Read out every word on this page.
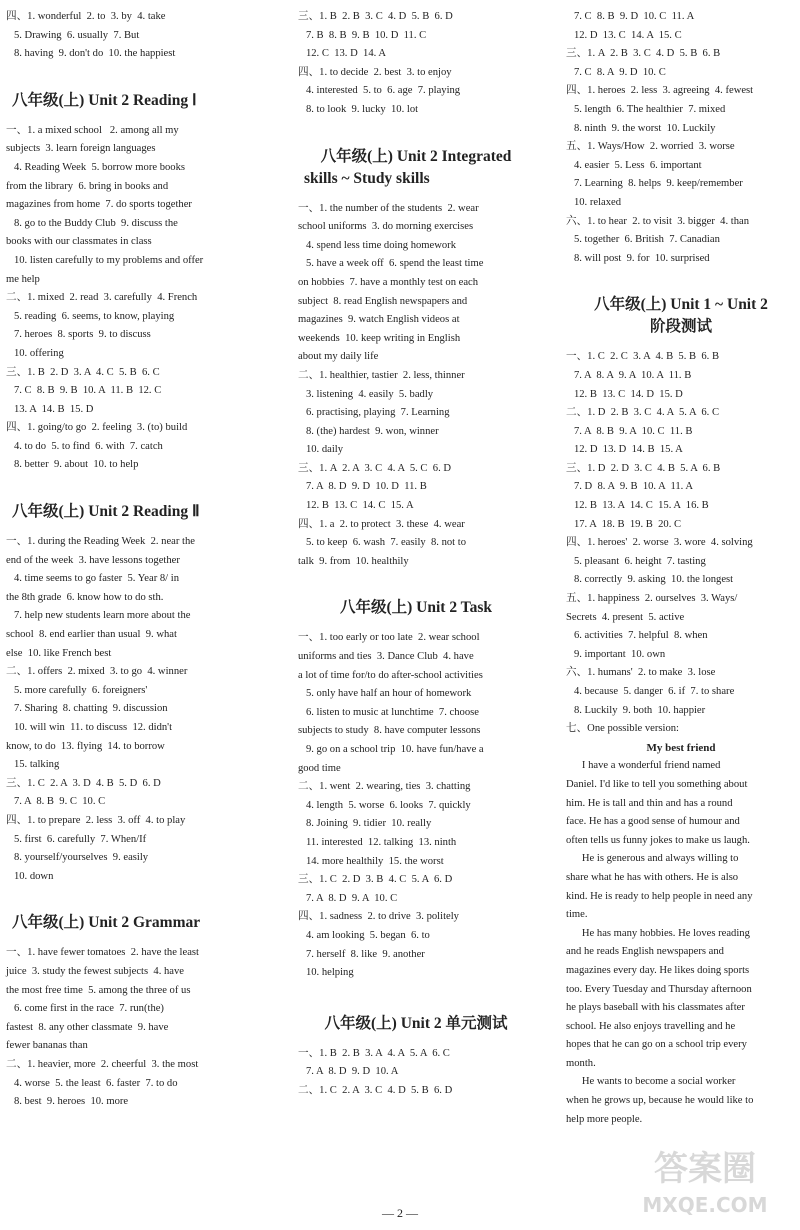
四、1. wonderful  2. to  3. by  4. take
5. Drawing  6. usually  7. But
8. having  9. don't do  10. the happiest
八年级(上) Unit 2 Reading Ⅰ
一、1. a mixed school   2. among all my
subjects  3. learn foreign languages
4. Reading Week  5. borrow more books
from the library  6. bring in books and
magazines from home  7. do sports together
8. go to the Buddy Club  9. discuss the
books with our classmates in class
10. listen carefully to my problems and offer
me help
二、1. mixed  2. read  3. carefully  4. French
5. reading  6. seems, to know, playing
7. heroes  8. sports  9. to discuss
10. offering
三、1. B  2. D  3. A  4. C  5. B  6. C
7. C  8. B  9. B  10. A  11. B  12. C
13. A  14. B  15. D
四、1. going/to go  2. feeling  3. (to) build
4. to do  5. to find  6. with  7. catch
8. better  9. about  10. to help
八年级(上) Unit 2 Reading Ⅱ
一、1. during the Reading Week  2. near the
end of the week  3. have lessons together
4. time seems to go faster  5. Year 8/ in
the 8th grade  6. know how to do sth.
7. help new students learn more about the
school  8. end earlier than usual  9. what
else  10. like French best
二、1. offers  2. mixed  3. to go  4. winner
5. more carefully  6. foreigners'
7. Sharing  8. chatting  9. discussion
10. will win  11. to discuss  12. didn't
know, to do  13. flying  14. to borrow
15. talking
三、1. C  2. A  3. D  4. B  5. D  6. D
7. A  8. B  9. C  10. C
四、1. to prepare  2. less  3. off  4. to play
5. first  6. carefully  7. When/If
8. yourself/yourselves  9. easily
10. down
八年级(上) Unit 2 Grammar
一、1. have fewer tomatoes  2. have the least
juice  3. study the fewest subjects  4. have
the most free time  5. among the three of us
6. come first in the race  7. run(the)
fastest  8. any other classmate  9. have
fewer bananas than
二、1. heavier, more  2. cheerful  3. the most
4. worse  5. the least  6. faster  7. to do
8. best  9. heroes  10. more
三、1. B  2. B  3. C  4. D  5. B  6. D
7. B  8. B  9. B  10. D  11. C
12. C  13. D  14. A
四、1. to decide  2. best  3. to enjoy
4. interested  5. to  6. age  7. playing
8. to look  9. lucky  10. lot
八年级(上) Unit 2 Integrated
skills ~ Study skills
一、1. the number of the students  2. wear
school uniforms  3. do morning exercises
4. spend less time doing homework
5. have a week off  6. spend the least time
on hobbies  7. have a monthly test on each
subject  8. read English newspapers and
magazines  9. watch English videos at
weekends  10. keep writing in English
about my daily life
二、1. healthier, tastier  2. less, thinner
3. listening  4. easily  5. badly
6. practising, playing  7. Learning
8. (the) hardest  9. won, winner
10. daily
三、1. A  2. A  3. C  4. A  5. C  6. D
7. A  8. D  9. D  10. D  11. B
12. B  13. C  14. C  15. A
四、1. a  2. to protect  3. these  4. wear
5. to keep  6. wash  7. easily  8. not to
talk  9. from  10. healthily
八年级(上) Unit 2 Task
一、1. too early or too late  2. wear school
uniforms and ties  3. Dance Club  4. have
a lot of time for/to do after-school activities
5. only have half an hour of homework
6. listen to music at lunchtime  7. choose
subjects to study  8. have computer lessons
9. go on a school trip  10. have fun/have a
good time
二、1. went  2. wearing, ties  3. chatting
4. length  5. worse  6. looks  7. quickly
8. Joining  9. tidier  10. really
11. interested  12. talking  13. ninth
14. more healthily  15. the worst
三、1. C  2. D  3. B  4. C  5. A  6. D
7. A  8. D  9. A  10. C
四、1. sadness  2. to drive  3. politely
4. am looking  5. began  6. to
7. herself  8. like  9. another
10. helping
八年级(上) Unit 2 单元测试
一、1. B  2. B  3. A  4. A  5. A  6. C
7. A  8. D  9. D  10. A
二、1. C  2. A  3. C  4. D  5. B  6. D
7. C  8. B  9. D  10. C  11. A
12. D  13. C  14. A  15. C
三、1. A  2. B  3. C  4. D  5. B  6. B
7. C  8. A  9. D  10. C
四、1. heroes  2. less  3. agreeing  4. fewest
5. length  6. The healthier  7. mixed
8. ninth  9. the worst  10. Luckily
五、1. Ways/How  2. worried  3. worse
4. easier  5. Less  6. important
7. Learning  8. helps  9. keep/remember
10. relaxed
六、1. to hear  2. to visit  3. bigger  4. than
5. together  6. British  7. Canadian
8. will post  9. for  10. surprised
八年级(上) Unit 1 ~ Unit 2
阶段测试
一、1. C  2. C  3. A  4. B  5. B  6. B
7. A  8. A  9. A  10. A  11. B
12. B  13. C  14. D  15. D
二、1. D  2. B  3. C  4. A  5. A  6. C
7. A  8. B  9. A  10. C  11. B
12. D  13. D  14. B  15. A
三、1. D  2. D  3. C  4. B  5. A  6. B
7. D  8. A  9. B  10. A  11. A
12. B  13. A  14. C  15. A  16. B
17. A  18. B  19. B  20. C
四、1. heroes'  2. worse  3. wore  4. solving
5. pleasant  6. height  7. tasting
8. correctly  9. asking  10. the longest
五、1. happiness  2. ourselves  3. Ways/
Secrets  4. present  5. active
6. activities  7. helpful  8. when
9. important  10. own
六、1. humans'  2. to make  3. lose
4. because  5. danger  6. if  7. to share
8. Luckily  9. both  10. happier
七、One possible version:
My best friend
I have a wonderful friend named
Daniel. I'd like to tell you something about
him. He is tall and thin and has a round
face. He has a good sense of humour and
often tells us funny jokes to make us laugh.
He is generous and always willing to
share what he has with others. He is also
kind. He is ready to help people in need any
time.
He has many hobbies. He loves reading
and he reads English newspapers and
magazines every day. He likes doing sports
too. Every Tuesday and Thursday afternoon
he plays baseball with his classmates after
school. He also enjoys travelling and he
hopes that he can go on a school trip every
month.
He wants to become a social worker
when he grows up, because he would like to
help more people.
— 2 —
答案圈
MXQE.COM
